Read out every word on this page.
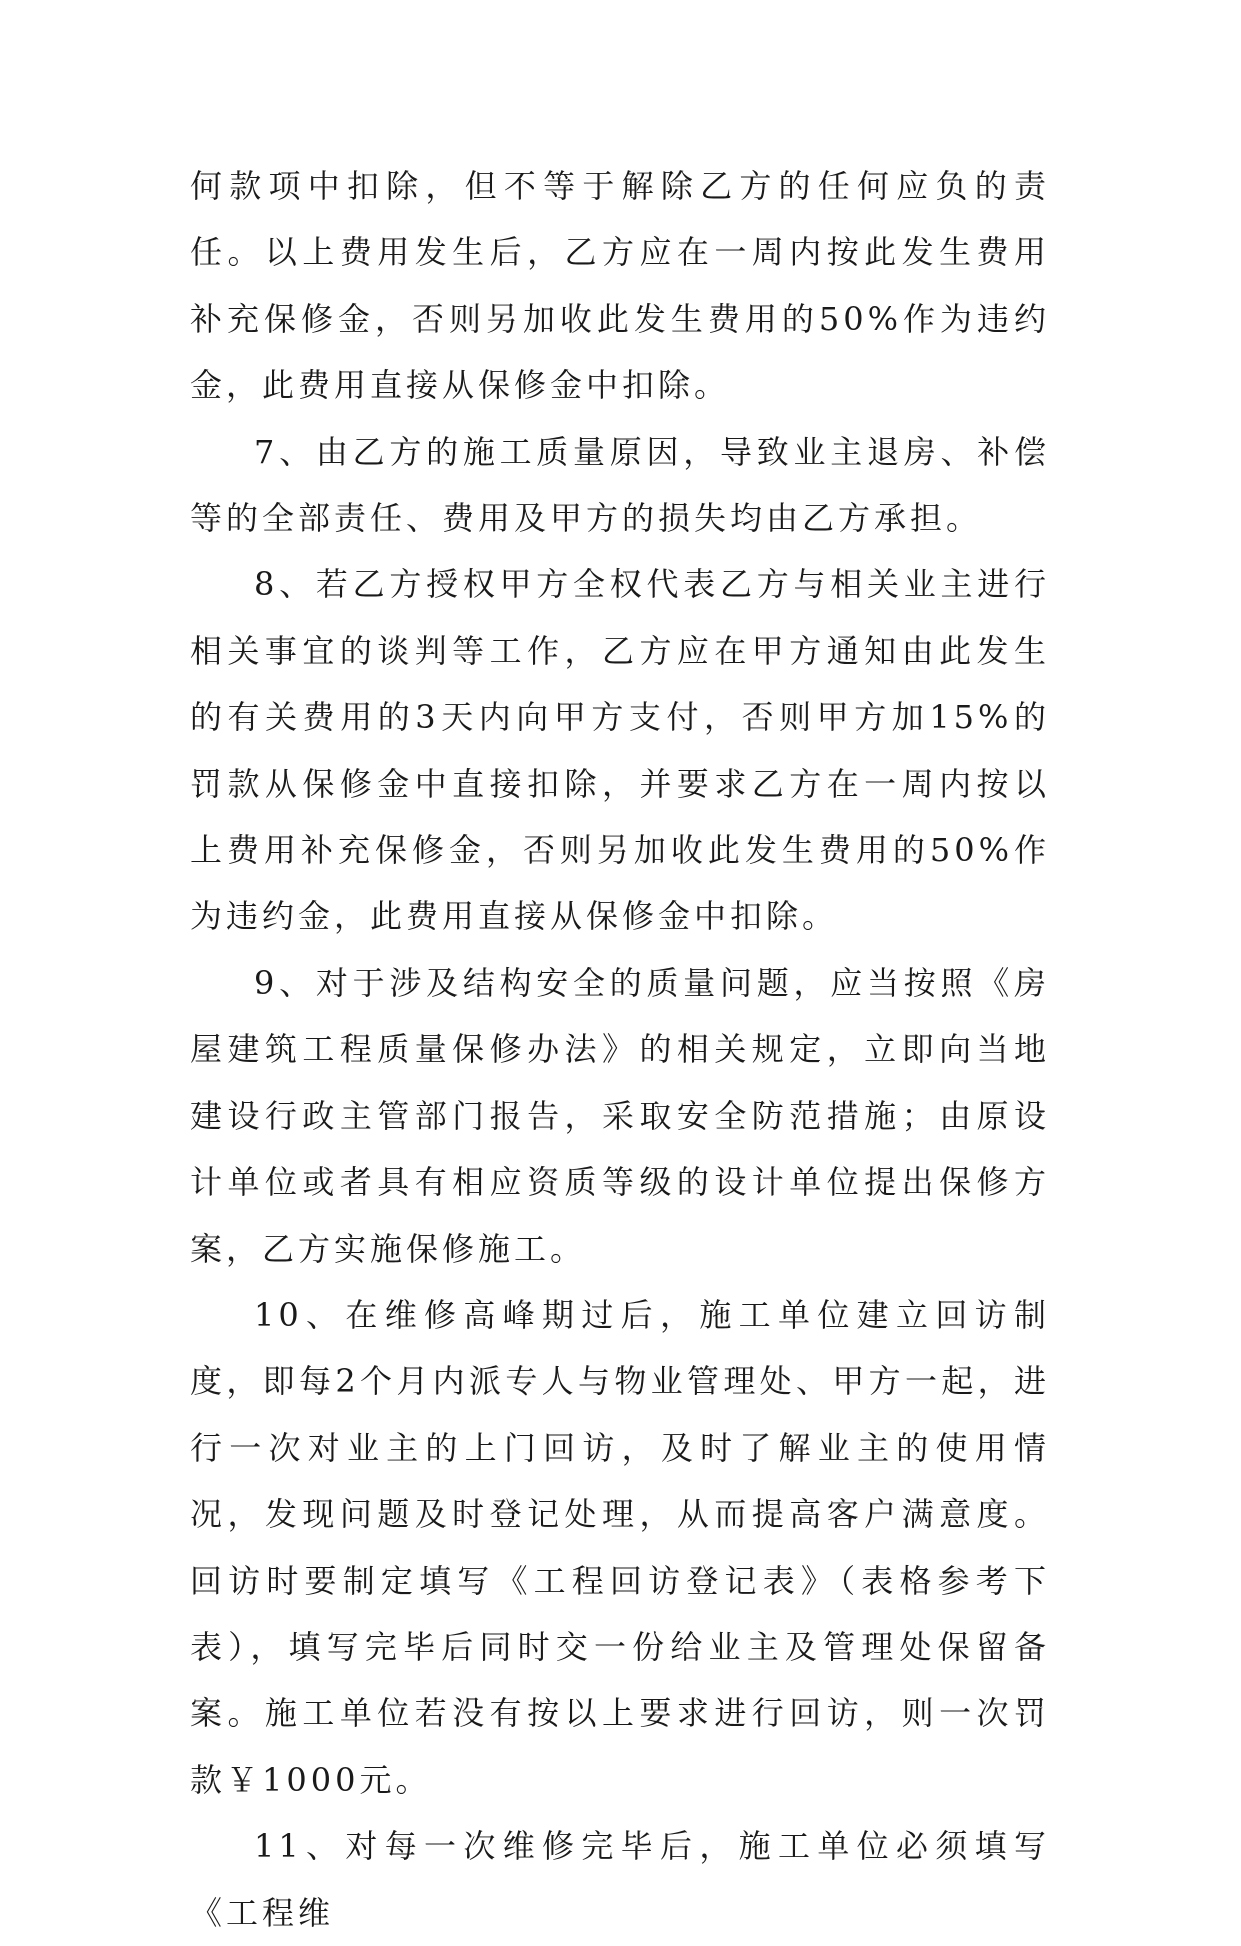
何款项中扣除，但不等于解除乙方的任何应负的责任。以上费用发生后，乙方应在一周内按此发生费用补充保修金，否则另加收此发生费用的50%作为违约金，此费用直接从保修金中扣除。

7、由乙方的施工质量原因，导致业主退房、补偿等的全部责任、费用及甲方的损失均由乙方承担。

8、若乙方授权甲方全权代表乙方与相关业主进行相关事宜的谈判等工作，乙方应在甲方通知由此发生的有关费用的3天内向甲方支付，否则甲方加15%的罚款从保修金中直接扣除，并要求乙方在一周内按以上费用补充保修金，否则另加收此发生费用的50%作为违约金，此费用直接从保修金中扣除。

9、对于涉及结构安全的质量问题，应当按照《房屋建筑工程质量保修办法》的相关规定，立即向当地建设行政主管部门报告，采取安全防范措施；由原设计单位或者具有相应资质等级的设计单位提出保修方案，乙方实施保修施工。

10、在维修高峰期过后，施工单位建立回访制度，即每2个月内派专人与物业管理处、甲方一起，进行一次对业主的上门回访，及时了解业主的使用情况，发现问题及时登记处理，从而提高客户满意度。回访时要制定填写《工程回访登记表》（表格参考下表），填写完毕后同时交一份给业主及管理处保留备案。施工单位若没有按以上要求进行回访，则一次罚款￥1000元。

11、对每一次维修完毕后，施工单位必须填写《工程维
